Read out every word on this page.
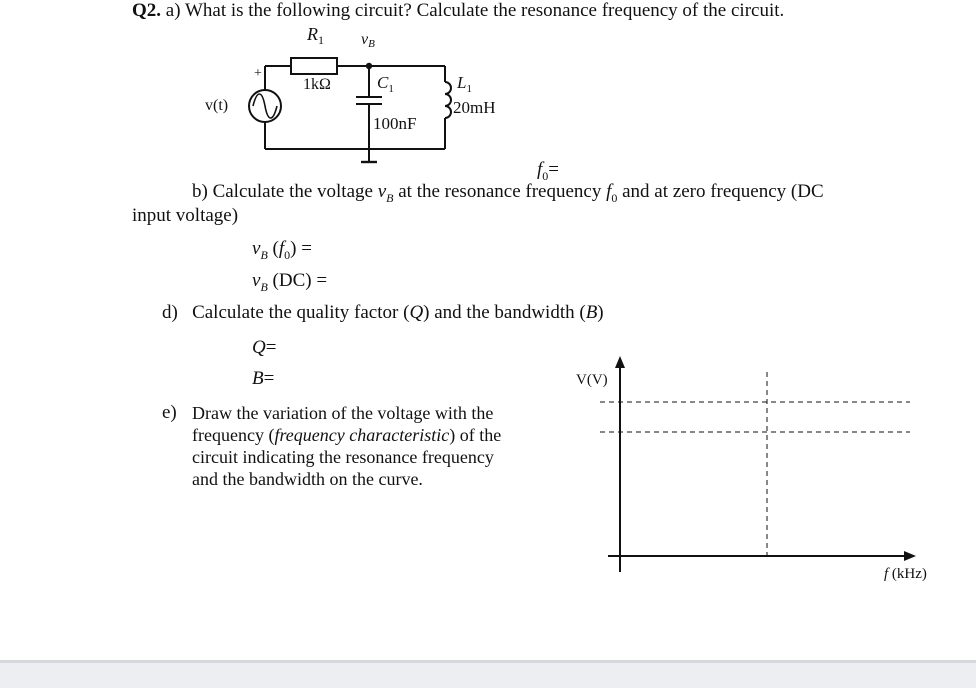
Q2. a) What is the following circuit? Calculate the resonance frequency of the circuit.
$R_1$ vB
1kΩ	$C_1$
100nF
$L_1$
20mH
v(t)
+
$f_0=$
b) Calculate the voltage $v_B$ at the resonance frequency $f_0$ and at zero frequency (DC
input voltage)
$v_B$ $(f_0)$ =
$v_B$ (DC) =
d) Calculate the quality factor (Q) and the bandwidth (B)
Q=
B=
e) Draw the variation of the voltage with the
frequency (frequency characteristic) of the
circuit indicating the resonance frequency
and the bandwidth on the curve.
V(V)
f (kHz)
